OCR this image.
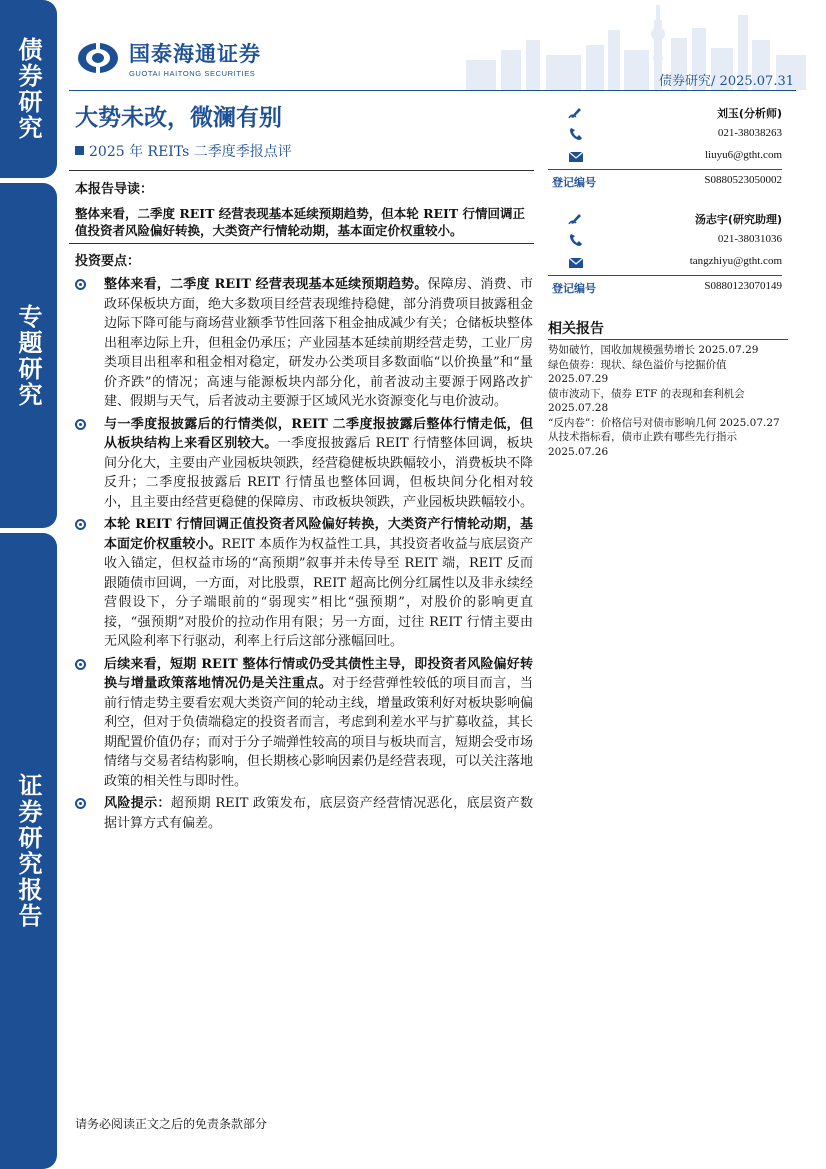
债券研究
专题研究
证券研究报告
国泰海通证券
GUOTAI HAITONG SECURITIES
债券研究/ 2025.07.31
大势未改，微澜有别
2025 年 REITs 二季度季报点评
本报告导读：
整体来看，二季度 REIT 经营表现基本延续预期趋势，但本轮 REIT 行情回调正值投资者风险偏好转换，大类资产行情轮动期，基本面定价权重较小。
投资要点：
整体来看，二季度 REIT 经营表现基本延续预期趋势。保障房、消费、市政环保板块方面，绝大多数项目经营表现维持稳健，部分消费项目披露租金边际下降可能与商场营业额季节性回落下租金抽成减少有关；仓储板块整体出租率边际上升，但租金仍承压；产业园基本延续前期经营走势，工业厂房类项目出租率和租金相对稳定，研发办公类项目多数面临“以价换量”和“量价齐跌”的情况；高速与能源板块内部分化，前者波动主要源于网路改扩建、假期与天气，后者波动主要源于区域风光水资源变化与电价波动。
与一季度报披露后的行情类似，REIT 二季度报披露后整体行情走低，但从板块结构上来看区别较大。一季度报披露后 REIT 行情整体回调，板块间分化大，主要由产业园板块领跌，经营稳健板块跌幅较小，消费板块不降反升；二季度报披露后 REIT 行情虽也整体回调，但板块间分化相对较小，且主要由经营更稳健的保障房、市政板块领跌，产业园板块跌幅较小。
本轮 REIT 行情回调正值投资者风险偏好转换，大类资产行情轮动期，基本面定价权重较小。REIT 本质作为权益性工具，其投资者收益与底层资产收入锚定，但权益市场的“高预期”叙事并未传导至 REIT 端，REIT 反而跟随债市回调，一方面，对比股票，REIT 超高比例分红属性以及非永续经营假设下，分子端眼前的“弱现实”相比“强预期”，对股价的影响更直接，“强预期”对股价的拉动作用有限；另一方面，过往 REIT 行情主要由无风险利率下行驱动，利率上行后这部分涨幅回吐。
后续来看，短期 REIT 整体行情或仍受其债性主导，即投资者风险偏好转换与增量政策落地情况仍是关注重点。对于经营弹性较低的项目而言，当前行情走势主要看宏观大类资产间的轮动主线，增量政策利好对板块影响偏利空，但对于负债端稳定的投资者而言，考虑到利差水平与扩募收益，其长期配置价值仍存；而对于分子端弹性较高的项目与板块而言，短期会受市场情绪与交易者结构影响，但长期核心影响因素仍是经营表现，可以关注落地政策的相关性与即时性。
风险提示：超预期 REIT 政策发布，底层资产经营情况恶化，底层资产数据计算方式有偏差。
刘玉(分析师)
021-38038263
liuyu6@gtht.com
登记编号	S0880523050002
汤志宇(研究助理)
021-38031036
tangzhiyu@gtht.com
登记编号	S0880123070149
相关报告
势如破竹，国收加规模强势增长 2025.07.29
绿色债券：现状、绿色溢价与挖掘价值 2025.07.29
债市波动下，债券 ETF 的表现和套利机会 2025.07.28
“反内卷”：价格信号对债市影响几何 2025.07.27
从技术指标看，债市止跌有哪些先行指示 2025.07.26
请务必阅读正文之后的免责条款部分
